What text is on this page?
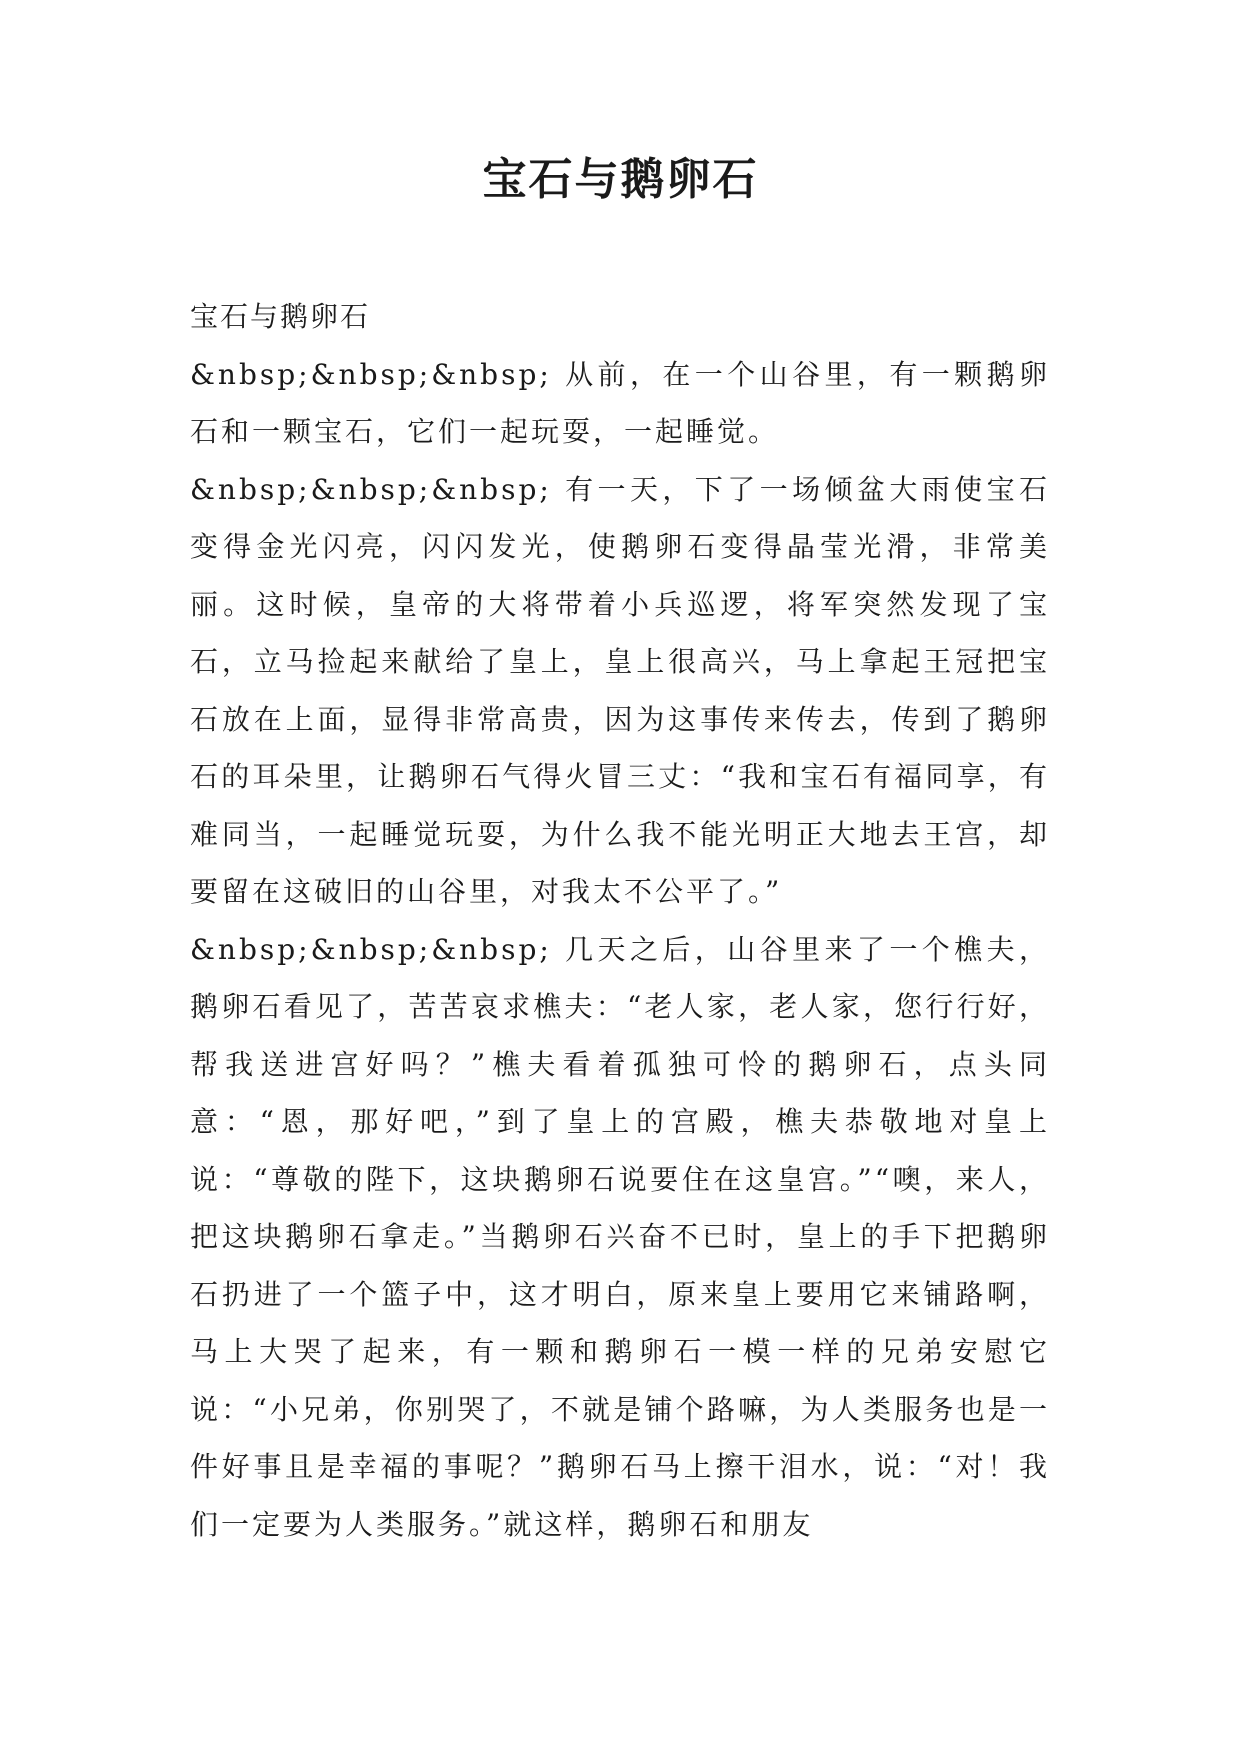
宝石与鹅卵石

宝石与鹅卵石

&nbsp;&nbsp;&nbsp; 从前，在一个山谷里，有一颗鹅卵石和一颗宝石，它们一起玩耍，一起睡觉。

&nbsp;&nbsp;&nbsp; 有一天，下了一场倾盆大雨使宝石变得金光闪亮，闪闪发光，使鹅卵石变得晶莹光滑，非常美丽。这时候，皇帝的大将带着小兵巡逻，将军突然发现了宝石，立马捡起来献给了皇上，皇上很高兴，马上拿起王冠把宝石放在上面，显得非常高贵，因为这事传来传去，传到了鹅卵石的耳朵里，让鹅卵石气得火冒三丈：“我和宝石有福同享，有难同当，一起睡觉玩耍，为什么我不能光明正大地去王宫，却要留在这破旧的山谷里，对我太不公平了。”

&nbsp;&nbsp;&nbsp; 几天之后，山谷里来了一个樵夫，鹅卵石看见了，苦苦哀求樵夫：“老人家，老人家，您行行好，帮我送进宫好吗？”樵夫看着孤独可怜的鹅卵石，点头同意：“恩，那好吧，”到了皇上的宫殿，樵夫恭敬地对皇上说：“尊敬的陛下，这块鹅卵石说要住在这皇宫。”“噢，来人，把这块鹅卵石拿走。”当鹅卵石兴奋不已时，皇上的手下把鹅卵石扔进了一个篮子中，这才明白，原来皇上要用它来铺路啊，马上大哭了起来，有一颗和鹅卵石一模一样的兄弟安慰它说：“小兄弟，你别哭了，不就是铺个路嘛，为人类服务也是一件好事且是幸福的事呢？”鹅卵石马上擦干泪水，说：“对！我们一定要为人类服务。”就这样，鹅卵石和朋友
